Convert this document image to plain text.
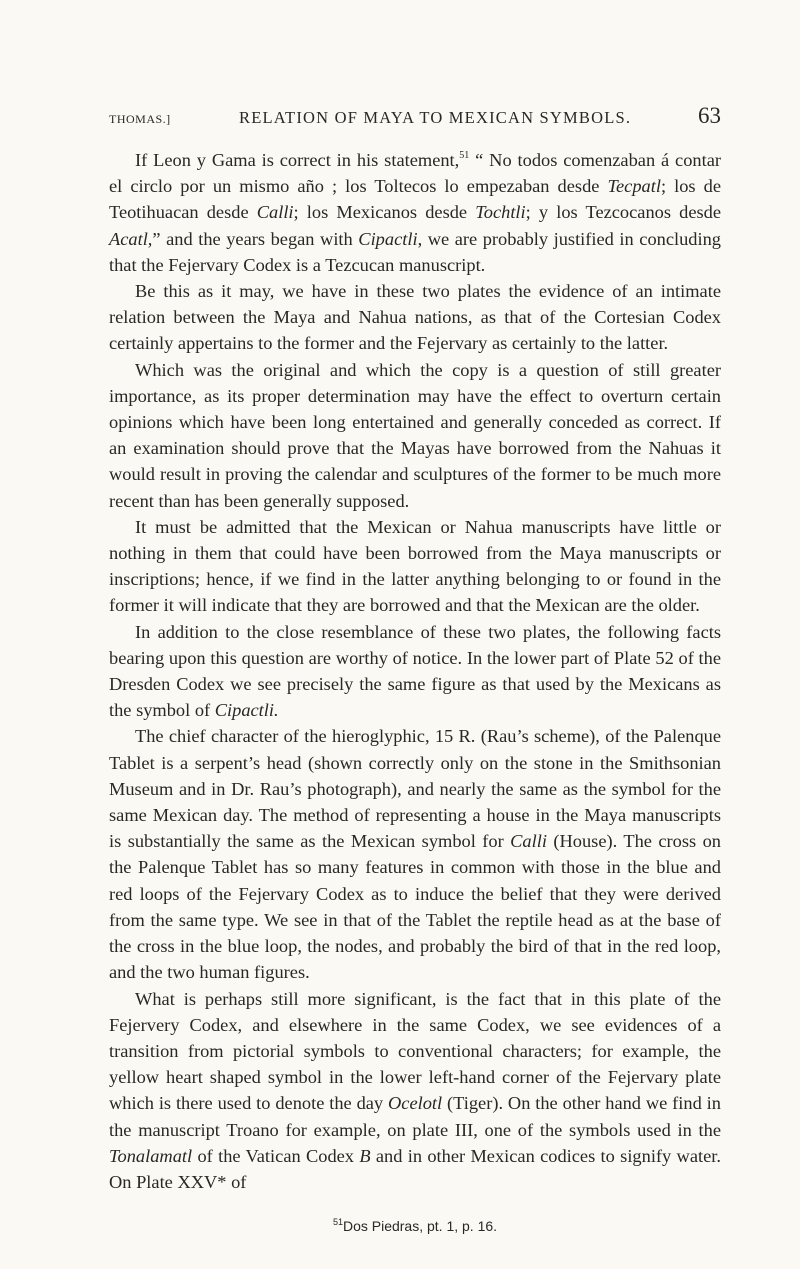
THOMAS.]	RELATION OF MAYA TO MEXICAN SYMBOLS.	63

If Leon y Gama is correct in his statement,$^{51}$ “ No todos comenzaban á contar el circlo por un mismo año ; los Toltecos lo empezaban desde Tecpatl; los de Teotihuacan desde Calli; los Mexicanos desde Tochtli; y los Tezcocanos desde Acatl,” and the years began with Cipactli, we are probably justified in concluding that the Fejervary Codex is a Tezcucan manuscript.

Be this as it may, we have in these two plates the evidence of an intimate relation between the Maya and Nahua nations, as that of the Cortesian Codex certainly appertains to the former and the Fejervary as certainly to the latter.

Which was the original and which the copy is a question of still greater importance, as its proper determination may have the effect to overturn certain opinions which have been long entertained and generally conceded as correct. If an examination should prove that the Mayas have borrowed from the Nahuas it would result in proving the calendar and sculptures of the former to be much more recent than has been generally supposed.

It must be admitted that the Mexican or Nahua manuscripts have little or nothing in them that could have been borrowed from the Maya manuscripts or inscriptions; hence, if we find in the latter anything belonging to or found in the former it will indicate that they are borrowed and that the Mexican are the older.

In addition to the close resemblance of these two plates, the following facts bearing upon this question are worthy of notice. In the lower part of Plate 52 of the Dresden Codex we see precisely the same figure as that used by the Mexicans as the symbol of Cipactli.

The chief character of the hieroglyphic, 15 R. (Rau’s scheme), of the Palenque Tablet is a serpent’s head (shown correctly only on the stone in the Smithsonian Museum and in Dr. Rau’s photograph), and nearly the same as the symbol for the same Mexican day. The method of representing a house in the Maya manuscripts is substantially the same as the Mexican symbol for Calli (House). The cross on the Palenque Tablet has so many features in common with those in the blue and red loops of the Fejervary Codex as to induce the belief that they were derived from the same type. We see in that of the Tablet the reptile head as at the base of the cross in the blue loop, the nodes, and probably the bird of that in the red loop, and the two human figures.

What is perhaps still more significant, is the fact that in this plate of the Fejervery Codex, and elsewhere in the same Codex, we see evidences of a transition from pictorial symbols to conventional characters; for example, the yellow heart shaped symbol in the lower left-hand corner of the Fejervary plate which is there used to denote the day Ocelotl (Tiger). On the other hand we find in the manuscript Troano for example, on plate III, one of the symbols used in the Tonalamatl of the Vatican Codex B and in other Mexican codices to signify water. On Plate XXV* of

$^{51}$Dos Piedras, pt. 1, p. 16.
